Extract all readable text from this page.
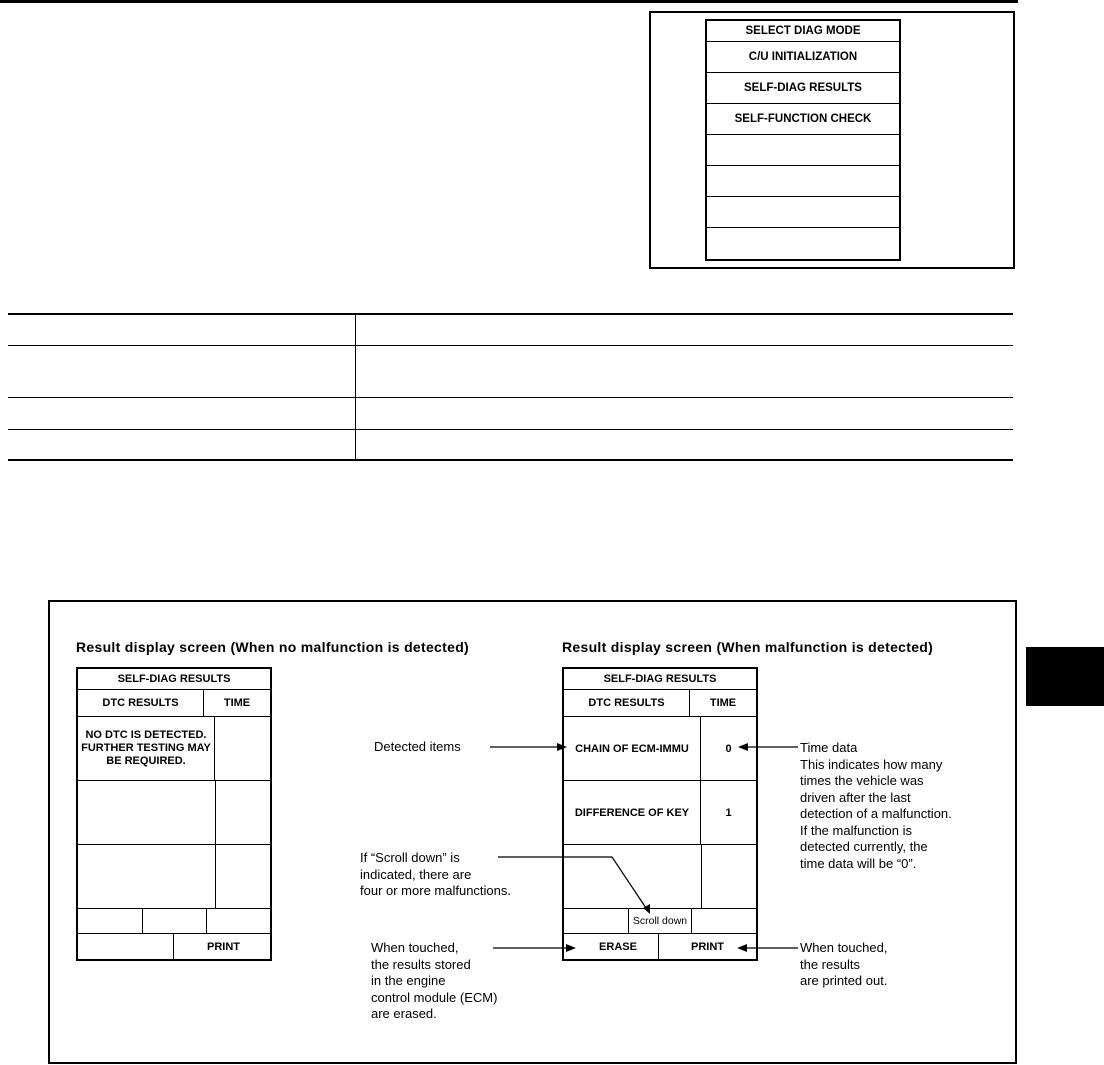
SELECT DIAG MODE
C/U INITIALIZATION
SELF-DIAG RESULTS
SELF-FUNCTION CHECK
Result display screen (When no malfunction is detected)	Result display screen (When malfunction is detected)
SELF-DIAG RESULTS
DTC RESULTS	TIME
NO DTC IS DETECTED. FURTHER TESTING MAY BE REQUIRED.
PRINT
SELF-DIAG RESULTS
DTC RESULTS	TIME
CHAIN OF ECM-IMMU	0
DIFFERENCE OF KEY	1
Scroll down
ERASE	PRINT
Detected items
If “Scroll down” is
indicated, there are
four or more malfunctions.
When touched,
the results stored
in the engine
control module (ECM)
are erased.
Time data
This indicates how many
times the vehicle was
driven after the last
detection of a malfunction.
If the malfunction is
detected currently, the
time data will be “0”.
When touched,
the results
are printed out.
